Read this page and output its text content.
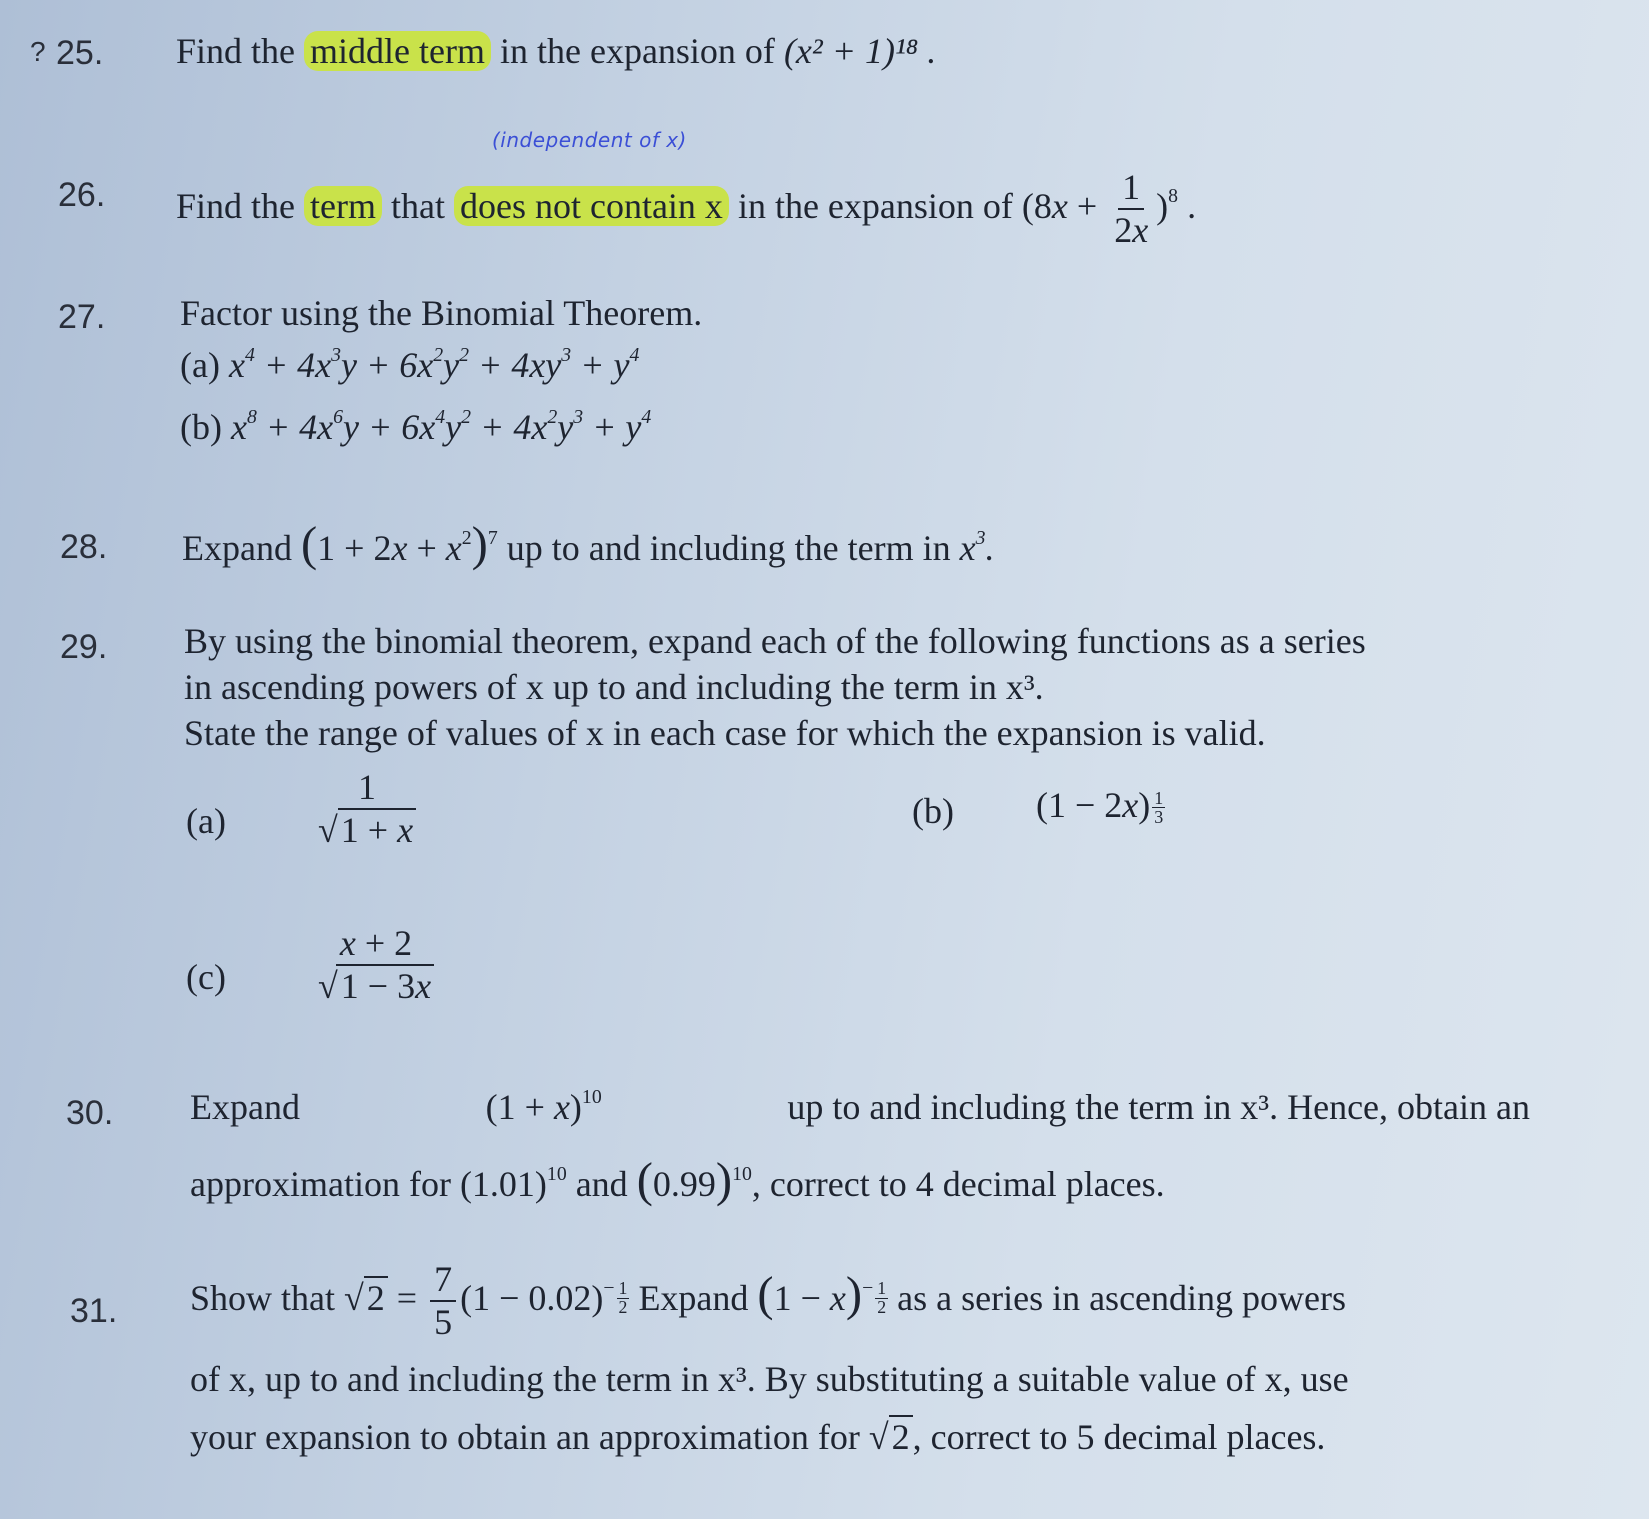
? 25. Find the middle term in the expansion of (x² + 1)¹⁸ .
(independent of x)
26. Find the term that does not contain x in the expansion of $(8x + \frac{1}{2x} )^8$ .
27. Factor using the Binomial Theorem.
(a) $x^4 + 4x^3y + 6x^2y^2 + 4xy^3 + y^4$
(b) $x^8 + 4x^6y + 6x^4y^2 + 4x^2y^3 + y^4$
28. Expand $(1 + 2x + x^2)^7$ up to and including the term in $x^3$.
29. By using the binomial theorem, expand each of the following functions as a series
in ascending powers of x up to and including the term in x³.
State the range of values of x in each case for which the expansion is valid.
$(a) \frac{1}{√1 + x}$	(b) $(1 - 2x) \frac{1}{3}$
$(c) \frac{x + 2}{√1 - 3x}$
30. Expand	$(1 + x)^{10}$	up to and including the term in x³. Hence, obtain an
approximation for $(1.01)^{10}$ and $(0.99)^{10}$, correct to 4 decimal places.
31. Show that $√2 = \frac{7}{5} (1 - 0.02)^{- \frac{1}{2}}$ Expand $(1 - x)^{- \frac{1}{2}}$ as a series in ascending powers
of x, up to and including the term in x³. By substituting a suitable value of x, use
your expansion to obtain an approximation for √2, correct to 5 decimal places.
